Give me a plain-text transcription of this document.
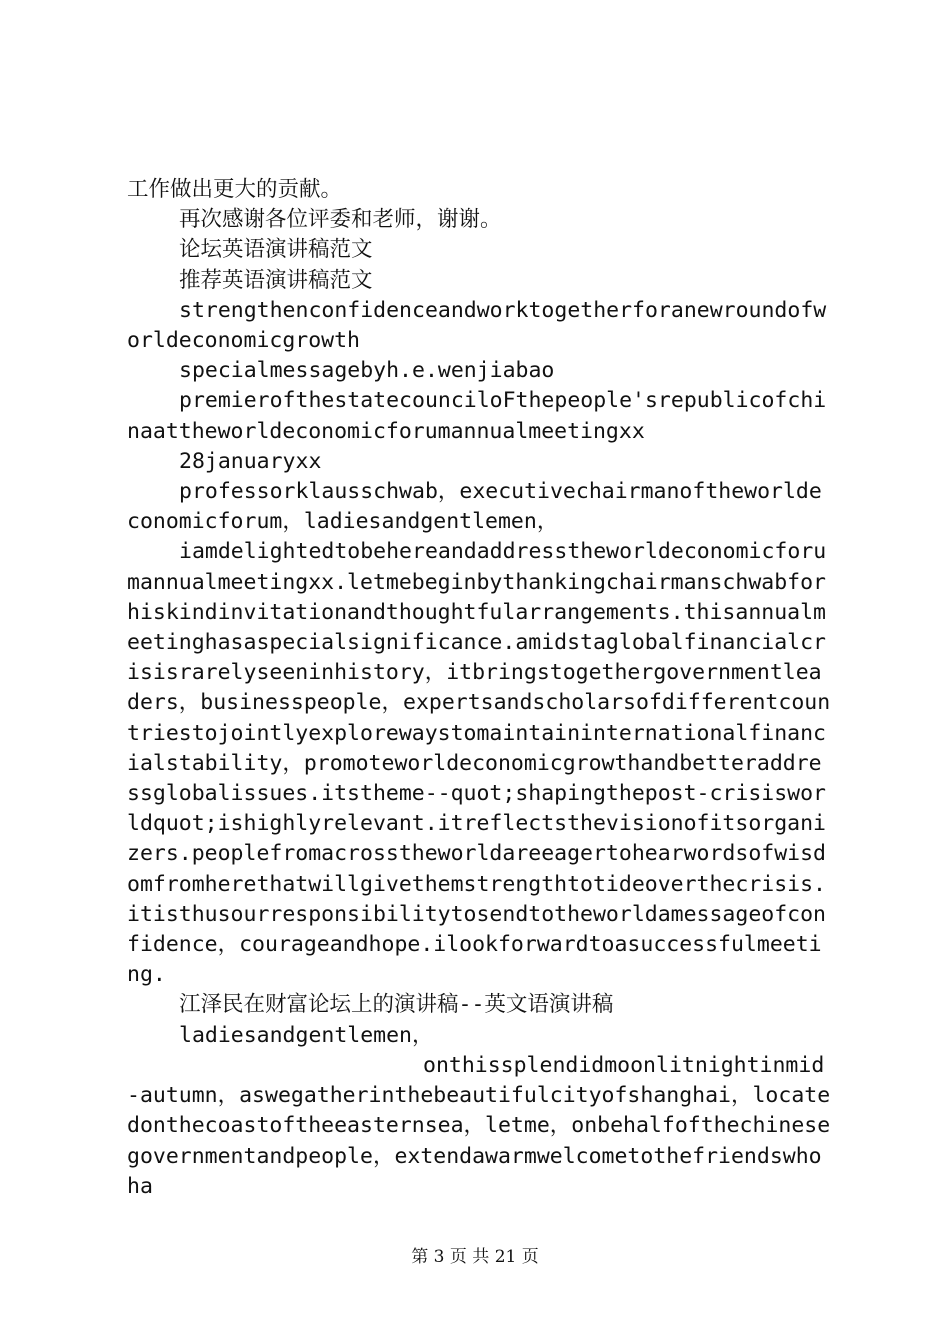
工作做出更大的贡献。

再次感谢各位评委和老师，谢谢。

论坛英语演讲稿范文

推荐英语演讲稿范文

strengthenconfidenceandworktogetherforanewroundofworldeconomicgrowth

specialmessagebyh.e.wenjiabao

premierofthestatecounciloFthepeople'srepublicofchinaattheworldeconomicforumannualmeetingxx

28januaryxx

professorklausschwab，executivechairmanoftheworldeconomicforum，ladiesandgentlemen，

iamdelightedtobehereandaddresstheworldeconomicforumannualmeetingxx.letmebeginbythankingchairmanschwabforhiskindinvitationandthoughtfularrangements.thisannualmeetinghasaspecialsignificance.amidstaglobalfinancialcrisisrarelyseeninhistory，itbringstogethergovernmentleaders，businesspeople，expertsandscholarsofdifferentcountriestojointlyexplorewaystomaintaininternationalfinancialstability，promoteworldeconomicgrowthandbetteraddressglobalissues.itstheme--quot;shapingthepost-crisisworldquot;ishighlyrelevant.itreflectsthevisionofitsorganizers.peoplefromacrosstheworldareeagertohearwordsofwisdomfromherethatwillgivethemstrengthtotideoverthecrisis.itisthusourresponsibilitytosendtotheworldamessageofconfidence，courageandhope.ilookforwardtoasuccessfulmeeting.

江泽民在财富论坛上的演讲稿--英文语演讲稿

ladiesandgentlemen，

onthissplendidmoonlitnightinmid-autumn，aswegatherinthebeautifulcityofshanghai，locatedonthecoastoftheeasternsea，letme，onbehalfofthechinesegovernmentandpeople，extendawarmwelcometothefriendswhoha

第 3 页 共 21 页
